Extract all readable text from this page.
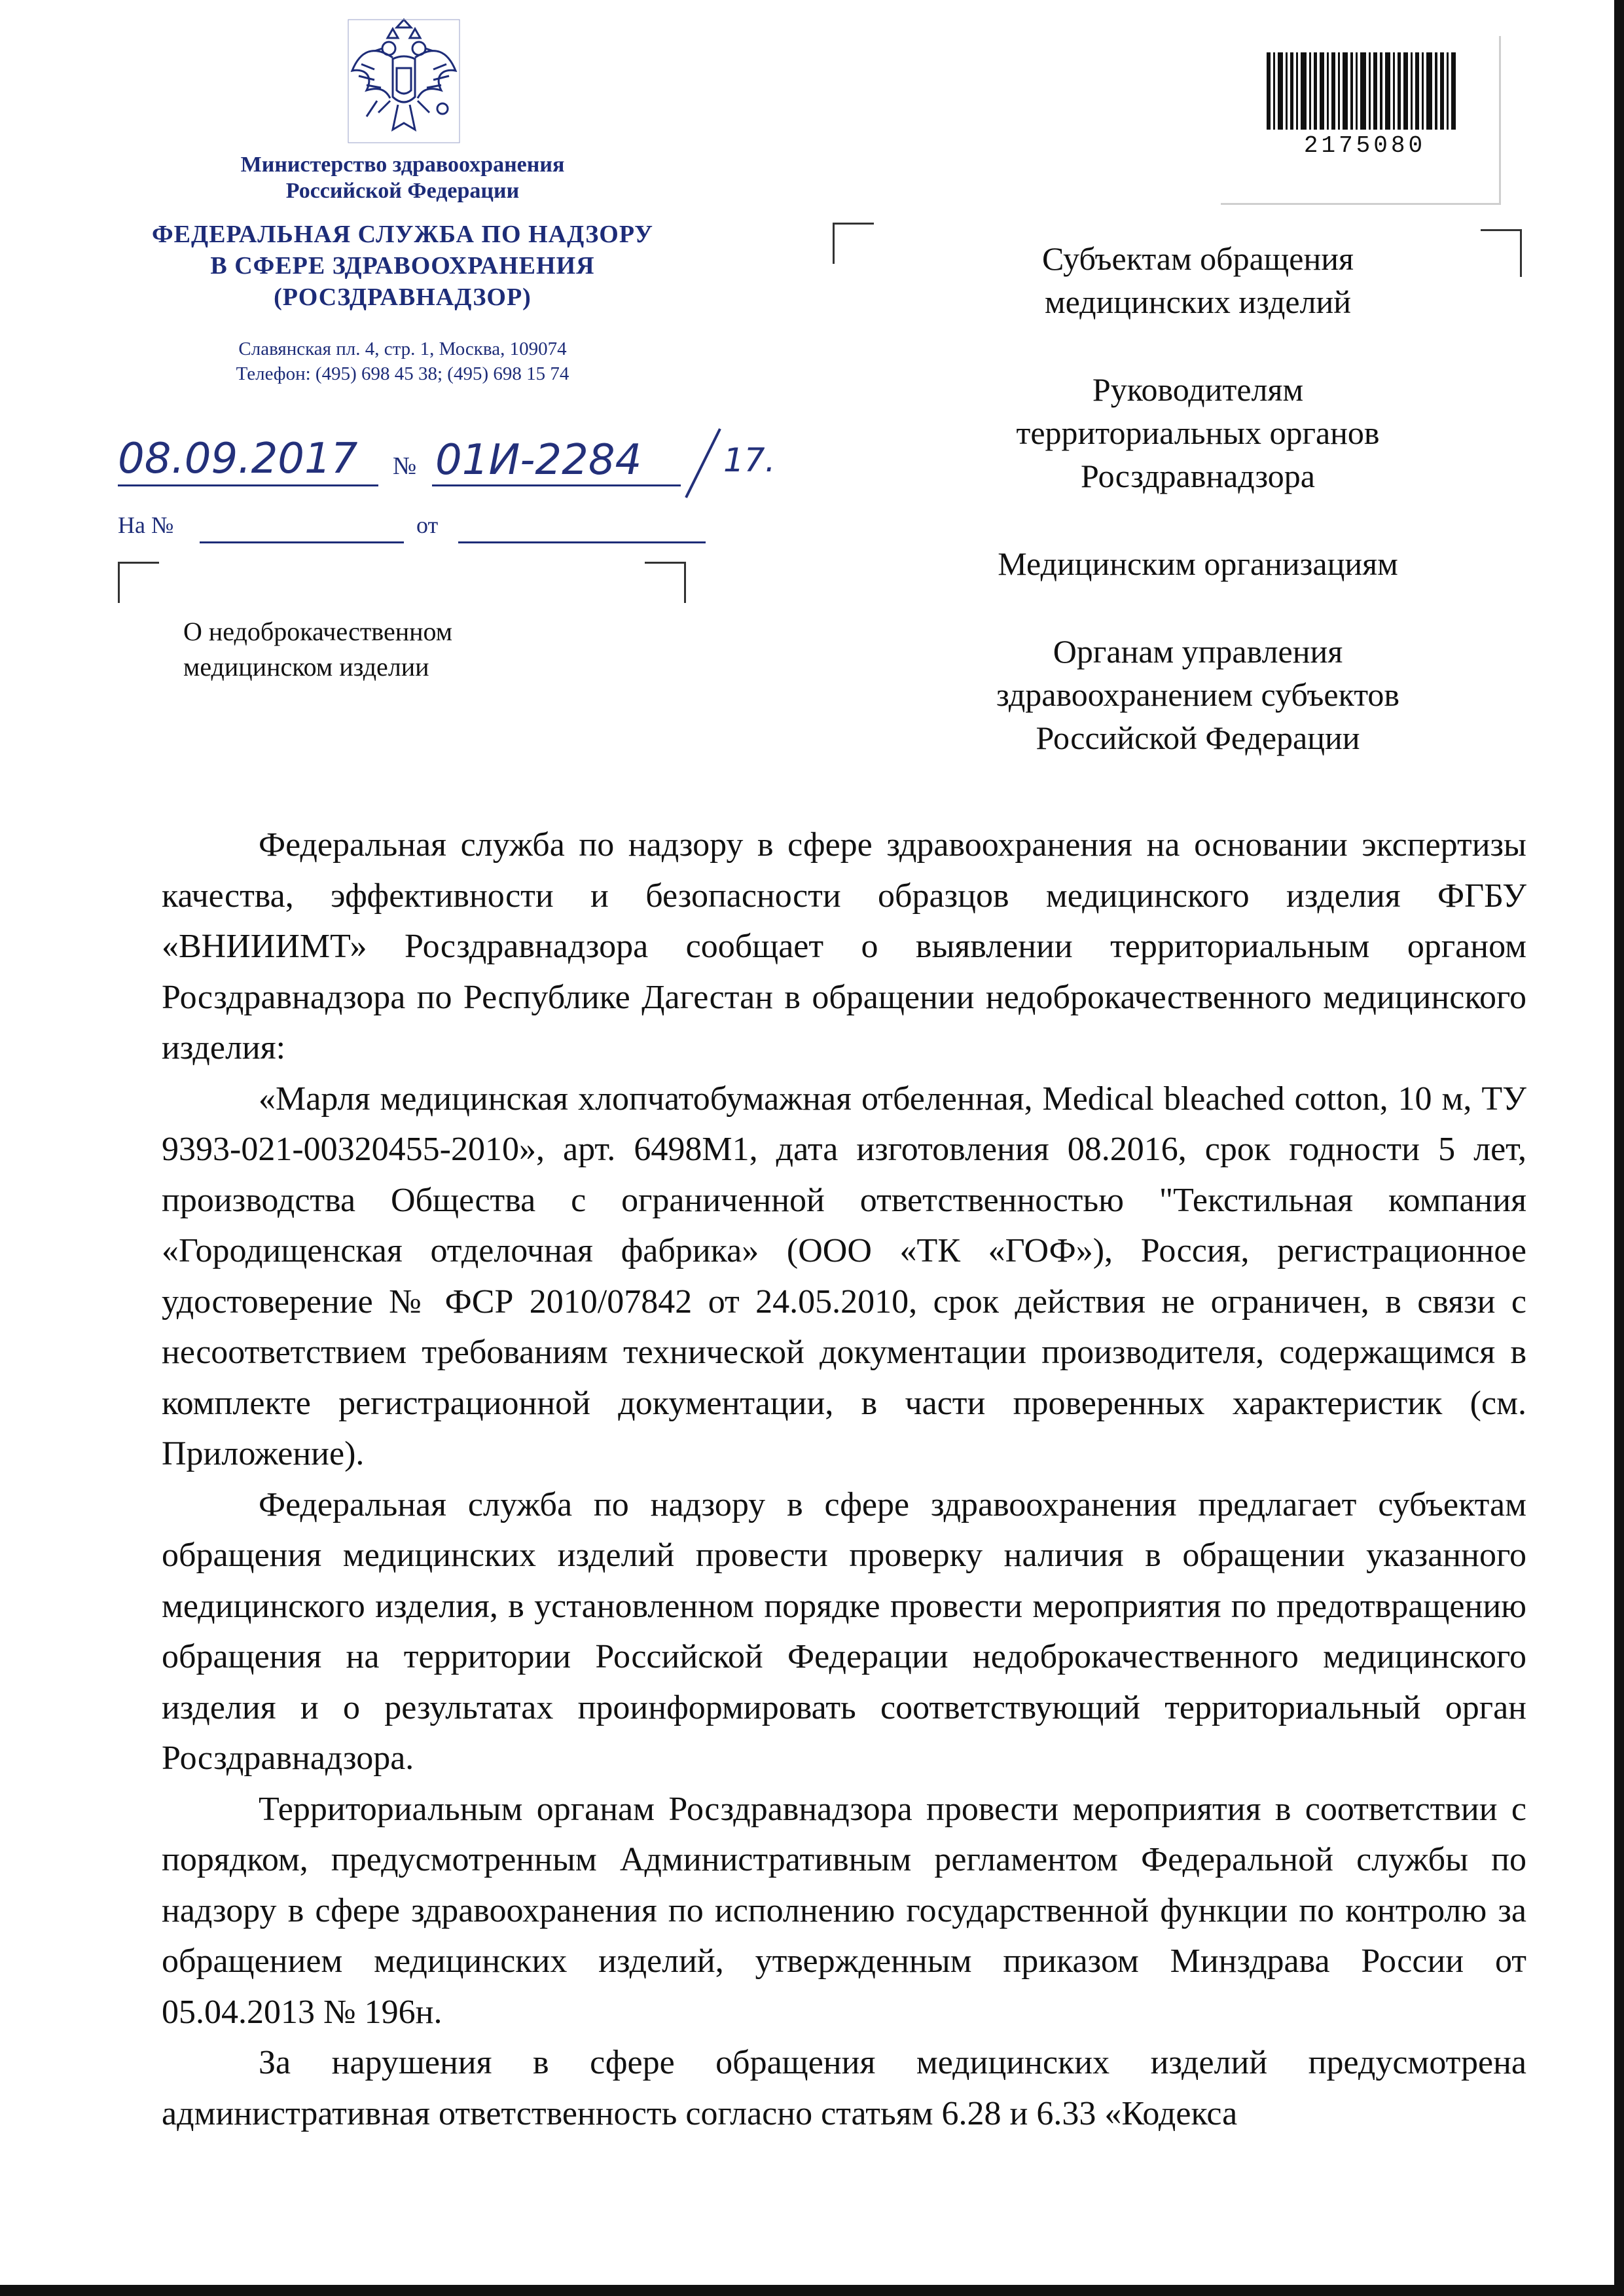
Министерство здравоохранения
Российской Федерации
ФЕДЕРАЛЬНАЯ СЛУЖБА ПО НАДЗОРУ
В СФЕРЕ ЗДРАВООХРАНЕНИЯ
(РОСЗДРАВНАДЗОР)
Славянская пл. 4, стр. 1, Москва, 109074
Телефон: (495) 698 45 38; (495) 698 15 74
08.09.2017 № 01И-2284 17.
На №	от
О недоброкачественном
медицинском изделии
2175080

Субъектам обращения
медицинских изделий

Руководителям
территориальных органов
Росздравнадзора

Медицинским организациям

Органам управления
здравоохранением субъектов
Российской Федерации

Федеральная служба по надзору в сфере здравоохранения на основании экспертизы качества, эффективности и безопасности образцов медицинского изделия ФГБУ «ВНИИИМТ» Росздравнадзора сообщает о выявлении территориальным органом Росздравнадзора по Республике Дагестан в обращении недоброкачественного медицинского изделия:

«Марля медицинская хлопчатобумажная отбеленная, Medical bleached cotton, 10 м, ТУ 9393-021-00320455-2010», арт. 6498М1, дата изготовления 08.2016, срок годности 5 лет, производства Общества с ограниченной ответственностью "Текстильная компания «Городищенская отделочная фабрика» (ООО «ТК «ГОФ»), Россия, регистрационное удостоверение № ФСР 2010/07842 от 24.05.2010, срок действия не ограничен, в связи с несоответствием требованиям технической документации производителя, содержащимся в комплекте регистрационной документации, в части проверенных характеристик (см. Приложение).

Федеральная служба по надзору в сфере здравоохранения предлагает субъектам обращения медицинских изделий провести проверку наличия в обращении указанного медицинского изделия, в установленном порядке провести мероприятия по предотвращению обращения на территории Российской Федерации недоброкачественного медицинского изделия и о результатах проинформировать соответствующий территориальный орган Росздравнадзора.

Территориальным органам Росздравнадзора провести мероприятия в соответствии с порядком, предусмотренным Административным регламентом Федеральной службы по надзору в сфере здравоохранения по исполнению государственной функции по контролю за обращением медицинских изделий, утвержденным приказом Минздрава России от 05.04.2013 № 196н.

За нарушения в сфере обращения медицинских изделий предусмотрена административная ответственность согласно статьям 6.28 и 6.33 «Кодекса
